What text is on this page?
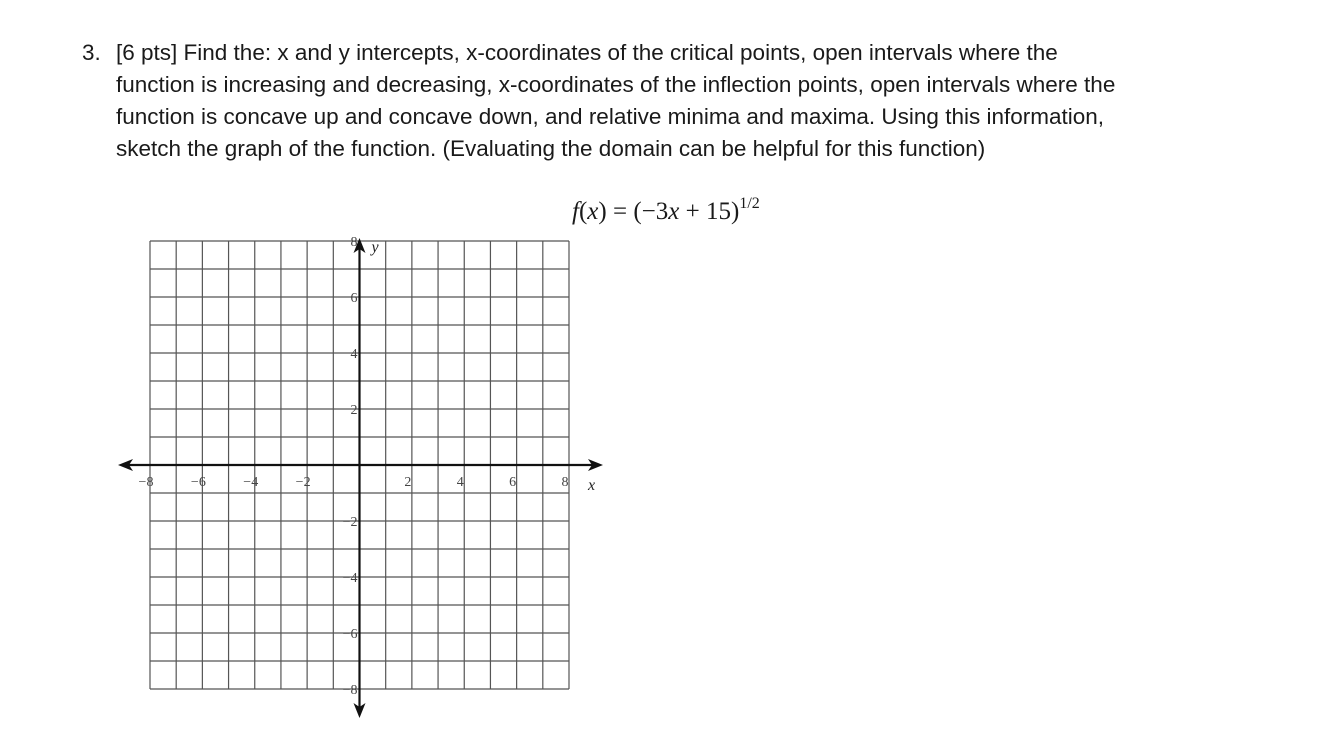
3. [6 pts] Find the: x and y intercepts, x-coordinates of the critical points, open intervals where the
function is increasing and decreasing, x-coordinates of the inflection points, open intervals where the
function is concave up and concave down, and relative minima and maxima. Using this information,
sketch the graph of the function. (Evaluating the domain can be helpful for this function)
$f(x) = (-3x + 15)^{1/2}$
x
y
−8	−6	−4	−2	2	4	6	8
8
6
4
2
−2
−4
−6
−8
